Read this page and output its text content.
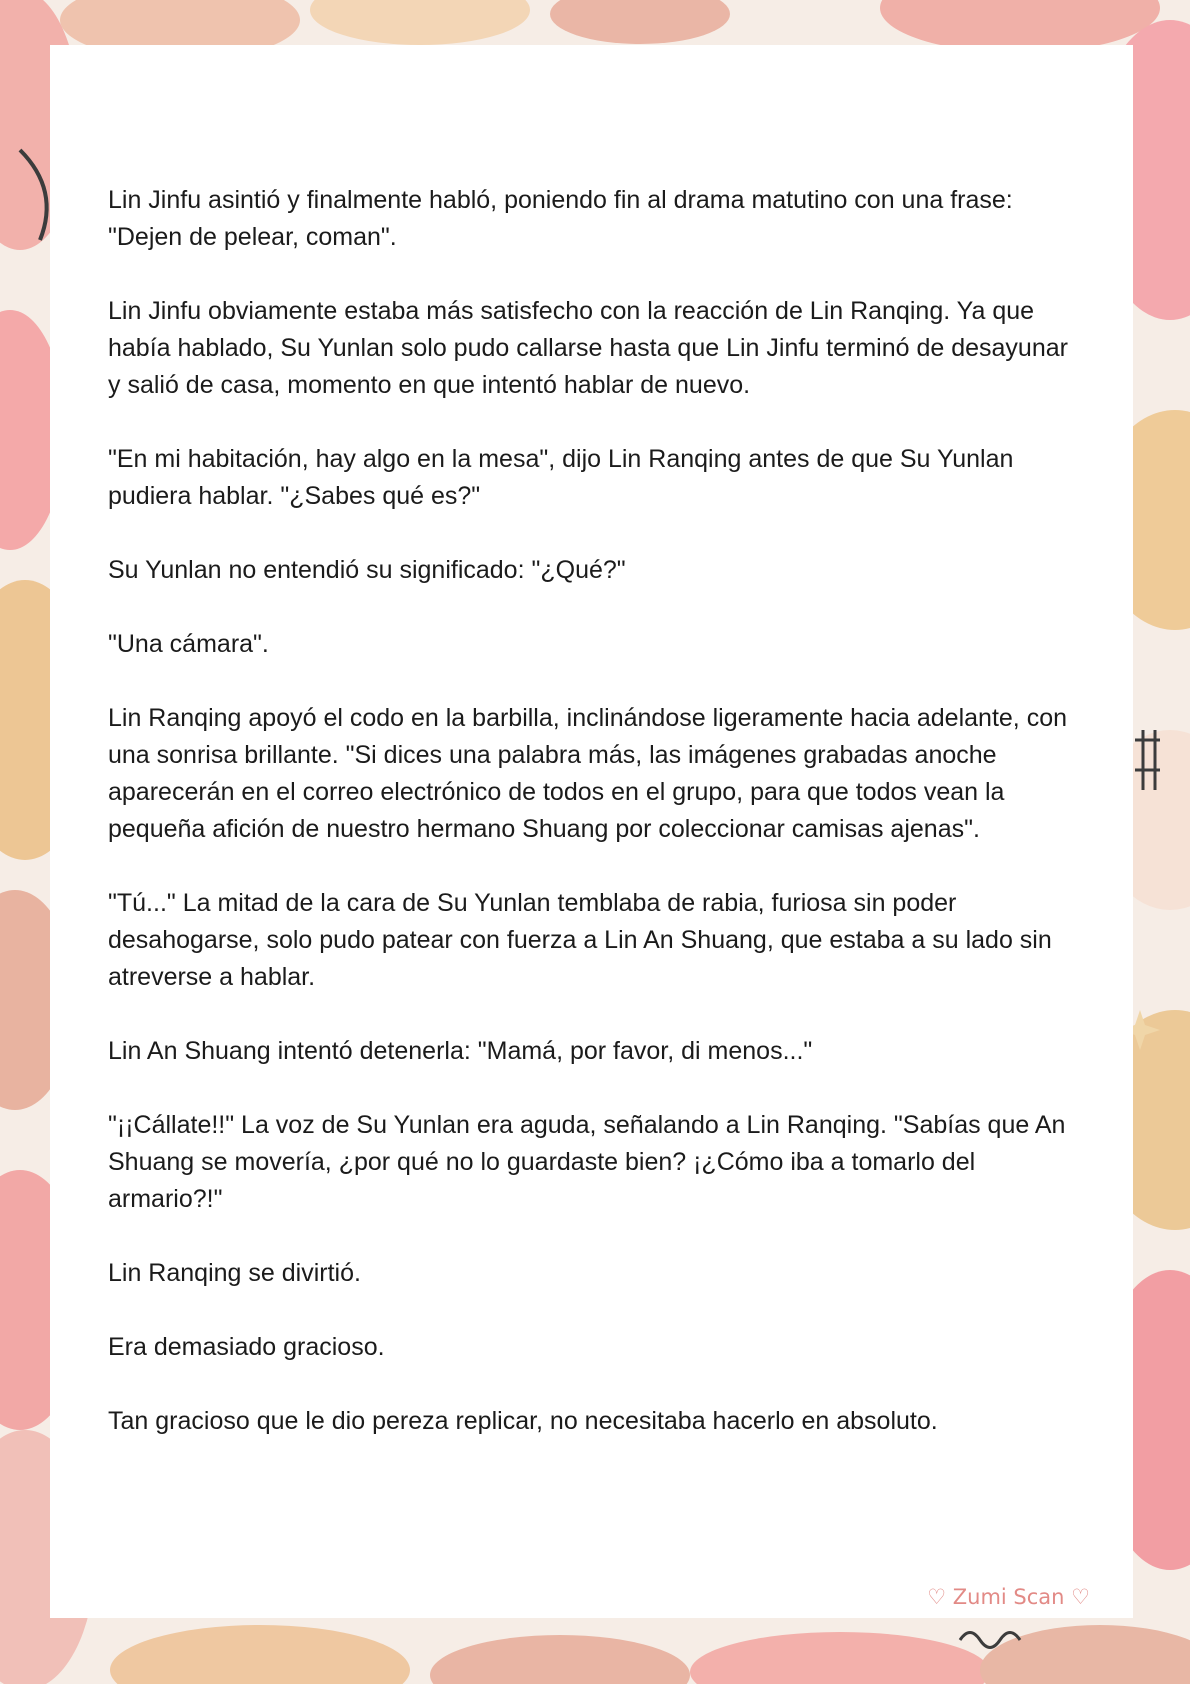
Lin Jinfu asintió y finalmente habló, poniendo fin al drama matutino con una frase: "Dejen de pelear, coman".

Lin Jinfu obviamente estaba más satisfecho con la reacción de Lin Ranqing. Ya que había hablado, Su Yunlan solo pudo callarse hasta que Lin Jinfu terminó de desayunar y salió de casa, momento en que intentó hablar de nuevo.

"En mi habitación, hay algo en la mesa", dijo Lin Ranqing antes de que Su Yunlan pudiera hablar. "¿Sabes qué es?"

Su Yunlan no entendió su significado: "¿Qué?"

"Una cámara".

Lin Ranqing apoyó el codo en la barbilla, inclinándose ligeramente hacia adelante, con una sonrisa brillante. "Si dices una palabra más, las imágenes grabadas anoche aparecerán en el correo electrónico de todos en el grupo, para que todos vean la pequeña afición de nuestro hermano Shuang por coleccionar camisas ajenas".

"Tú..." La mitad de la cara de Su Yunlan temblaba de rabia, furiosa sin poder desahogarse, solo pudo patear con fuerza a Lin An Shuang, que estaba a su lado sin atreverse a hablar.

Lin An Shuang intentó detenerla: "Mamá, por favor, di menos..."

"¡¡Cállate!!" La voz de Su Yunlan era aguda, señalando a Lin Ranqing. "Sabías que An Shuang se movería, ¿por qué no lo guardaste bien? ¡¿Cómo iba a tomarlo del armario?!"

Lin Ranqing se divirtió.

Era demasiado gracioso.

Tan gracioso que le dio pereza replicar, no necesitaba hacerlo en absoluto.

♡ Zumi Scan ♡
